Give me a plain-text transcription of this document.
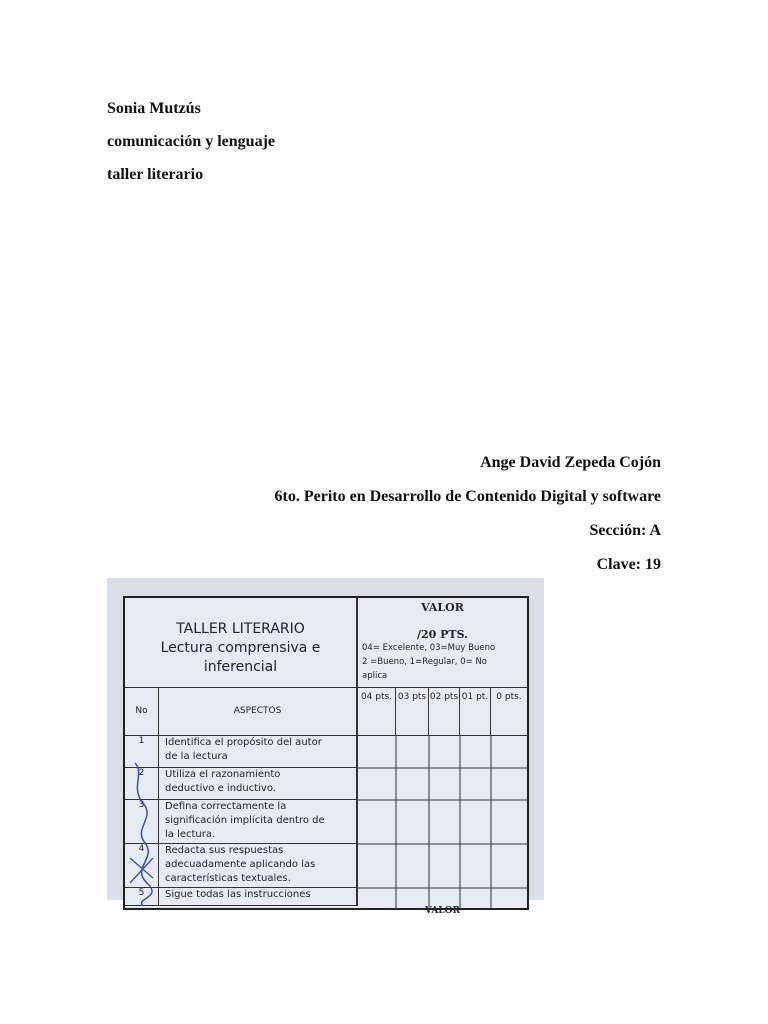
Sonia Mutzús
comunicación y lenguaje
taller literario
Ange David Zepeda Cojón
6to. Perito en Desarrollo de Contenido Digital y software
Sección: A
Clave: 19
TALLER LITERARIO
Lectura comprensiva e
inferencial
VALOR
/20 PTS.
04= Excelente, 03=Muy Bueno
2 =Bueno, 1=Regular, 0= No
aplica
No	ASPECTOS
04 pts. 03 pts 02 pts 01 pt. 0 pts.
1	Identifica el propósito del autor
de la lectura
2	Utiliza el razonamiento
deductivo e inductivo.
3	Defina correctamente la
significación implícita dentro de
la lectura.
4	Redacta sus respuestas
adecuadamente aplicando las
características textuales.
5	Sigue todas las instrucciones
VALOR
